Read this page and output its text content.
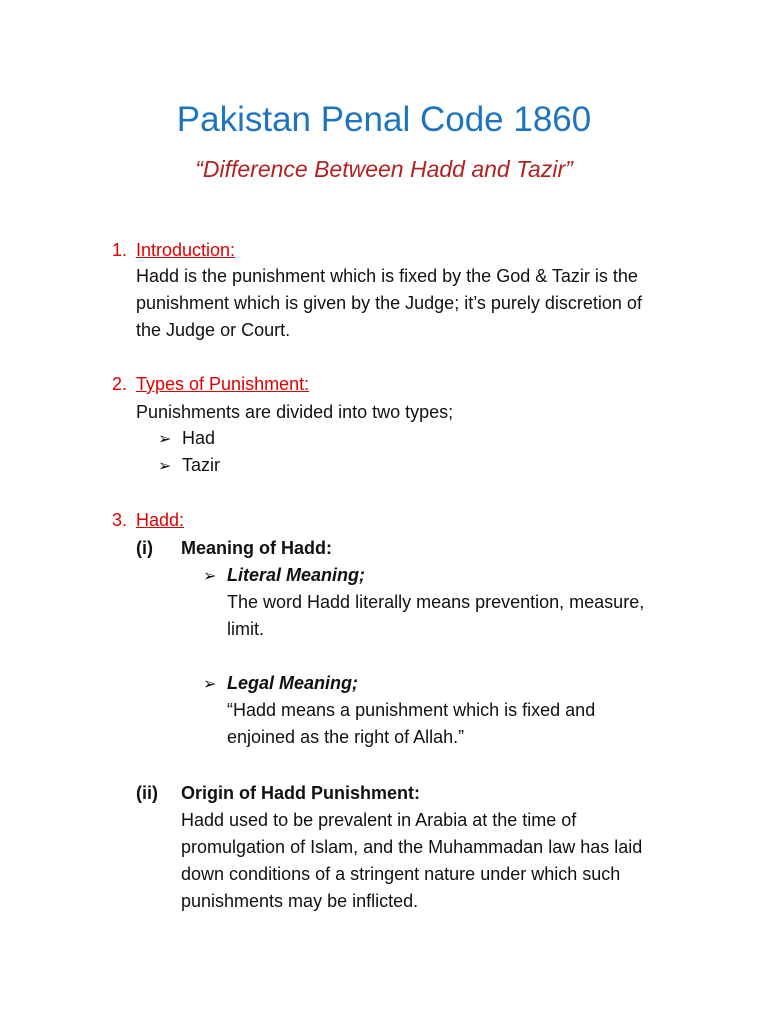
Pakistan Penal Code 1860
“Difference Between Hadd and Tazir”
1. Introduction:
Hadd is the punishment which is fixed by the God & Tazir is the
punishment which is given by the Judge; it’s purely discretion of
the Judge or Court.
2. Types of Punishment:
Punishments are divided into two types;
➢ Had
➢ Tazir
3. Hadd:
(i) Meaning of Hadd:
➢ Literal Meaning;
The word Hadd literally means prevention, measure,
limit.
➢ Legal Meaning;
“Hadd means a punishment which is fixed and
enjoined as the right of Allah.”
(ii) Origin of Hadd Punishment:
Hadd used to be prevalent in Arabia at the time of
promulgation of Islam, and the Muhammadan law has laid
down conditions of a stringent nature under which such
punishments may be inflicted.
